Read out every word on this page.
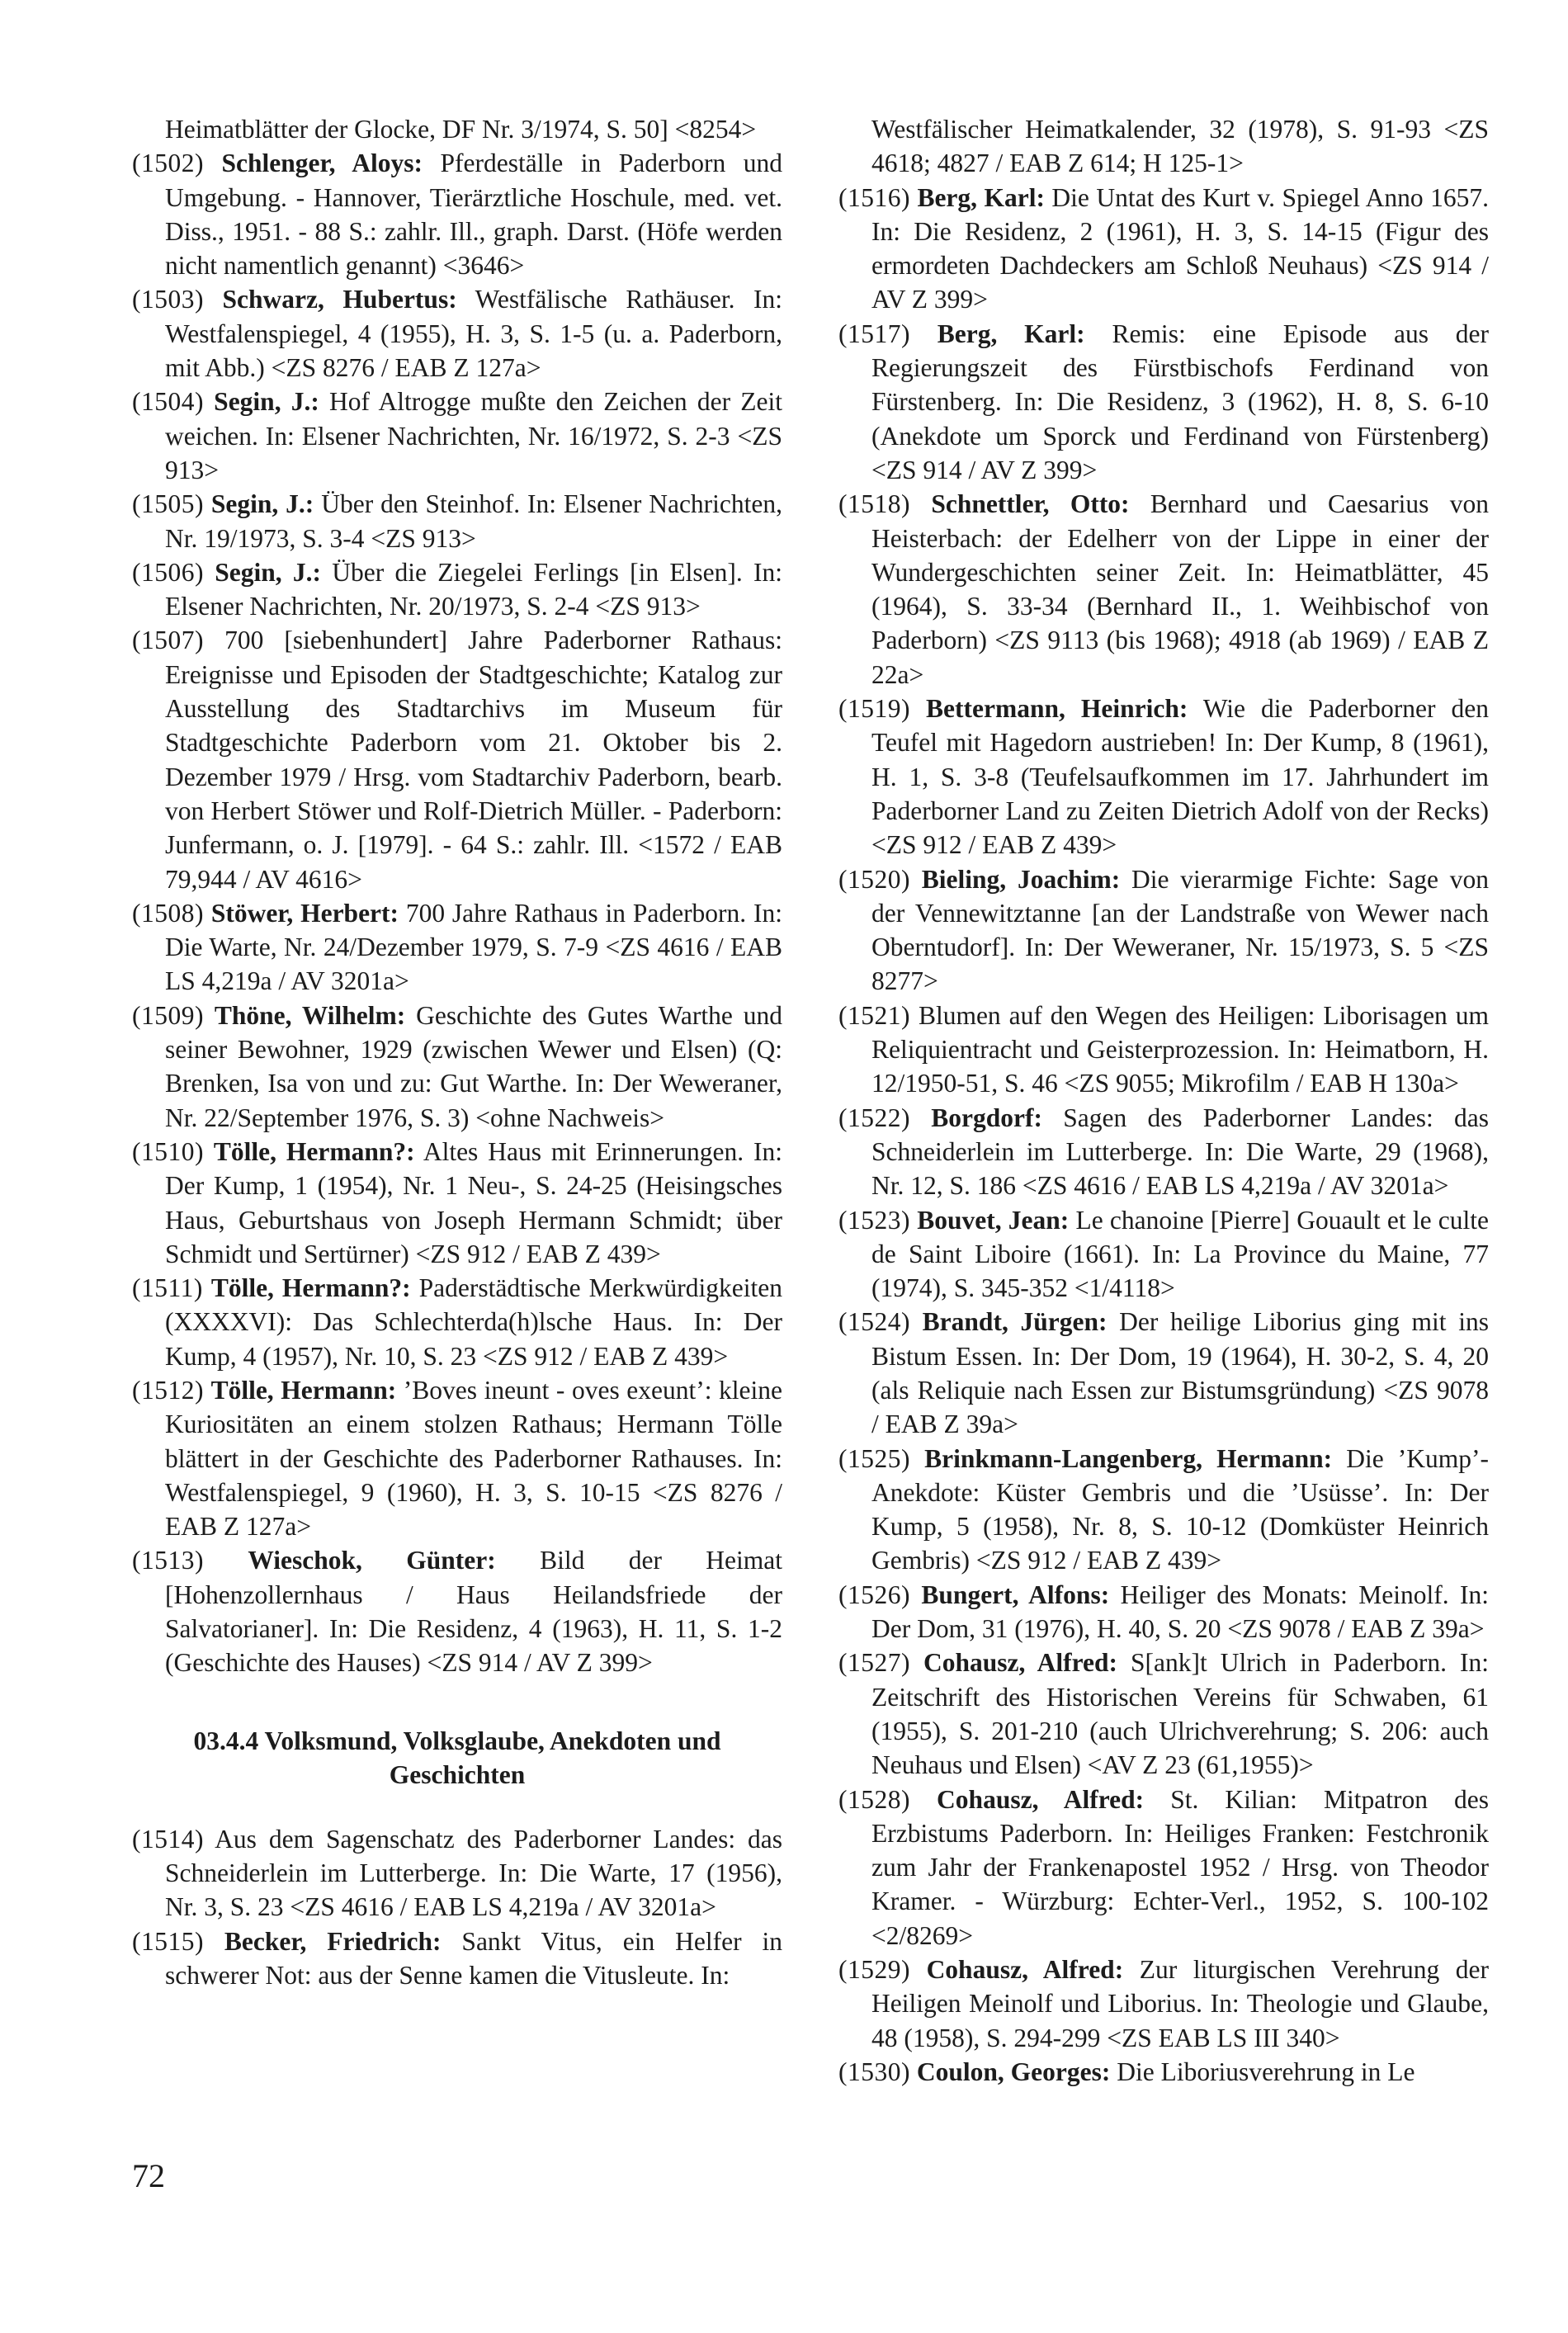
Heimatblätter der Glocke, DF Nr. 3/1974, S. 50] <8254>

(1502) Schlenger, Aloys: Pferdeställe in Paderborn und Umgebung. - Hannover, Tierärztliche Hoschule, med. vet. Diss., 1951. - 88 S.: zahlr. Ill., graph. Darst. (Höfe werden nicht namentlich genannt) <3646>

(1503) Schwarz, Hubertus: Westfälische Rathäuser. In: Westfalenspiegel, 4 (1955), H. 3, S. 1-5 (u. a. Paderborn, mit Abb.) <ZS 8276 / EAB Z 127a>

(1504) Segin, J.: Hof Altrogge mußte den Zeichen der Zeit weichen. In: Elsener Nachrichten, Nr. 16/1972, S. 2-3 <ZS 913>

(1505) Segin, J.: Über den Steinhof. In: Elsener Nachrichten, Nr. 19/1973, S. 3-4 <ZS 913>

(1506) Segin, J.: Über die Ziegelei Ferlings [in Elsen]. In: Elsener Nachrichten, Nr. 20/1973, S. 2-4 <ZS 913>

(1507) 700 [siebenhundert] Jahre Paderborner Rathaus: Ereignisse und Episoden der Stadtgeschichte; Katalog zur Ausstellung des Stadtarchivs im Museum für Stadtgeschichte Paderborn vom 21. Oktober bis 2. Dezember 1979 / Hrsg. vom Stadtarchiv Paderborn, bearb. von Herbert Stöwer und Rolf-Dietrich Müller. - Paderborn: Junfermann, o. J. [1979]. - 64 S.: zahlr. Ill. <1572 / EAB 79,944 / AV 4616>

(1508) Stöwer, Herbert: 700 Jahre Rathaus in Paderborn. In: Die Warte, Nr. 24/Dezember 1979, S. 7-9 <ZS 4616 / EAB LS 4,219a / AV 3201a>

(1509) Thöne, Wilhelm: Geschichte des Gutes Warthe und seiner Bewohner, 1929 (zwischen Wewer und Elsen) (Q: Brenken, Isa von und zu: Gut Warthe. In: Der Weweraner, Nr. 22/September 1976, S. 3) <ohne Nachweis>

(1510) Tölle, Hermann?: Altes Haus mit Erinnerungen. In: Der Kump, 1 (1954), Nr. 1 Neu-, S. 24-25 (Heisingsches Haus, Geburtshaus von Joseph Hermann Schmidt; über Schmidt und Sertürner) <ZS 912 / EAB Z 439>

(1511) Tölle, Hermann?: Paderstädtische Merkwürdigkeiten (XXXXVI): Das Schlechterda(h)lsche Haus. In: Der Kump, 4 (1957), Nr. 10, S. 23 <ZS 912 / EAB Z 439>

(1512) Tölle, Hermann: ’Boves ineunt - oves exeunt’: kleine Kuriositäten an einem stolzen Rathaus; Hermann Tölle blättert in der Geschichte des Paderborner Rathauses. In: Westfalenspiegel, 9 (1960), H. 3, S. 10-15 <ZS 8276 / EAB Z 127a>

(1513) Wieschok, Günter: Bild der Heimat [Hohenzollernhaus / Haus Heilandsfriede der Salvatorianer]. In: Die Residenz, 4 (1963), H. 11, S. 1-2 (Geschichte des Hauses) <ZS 914 / AV Z 399>

03.4.4 Volksmund, Volksglaube, Anekdoten und Geschichten

(1514) Aus dem Sagenschatz des Paderborner Landes: das Schneiderlein im Lutterberge. In: Die Warte, 17 (1956), Nr. 3, S. 23 <ZS 4616 / EAB LS 4,219a / AV 3201a>

(1515) Becker, Friedrich: Sankt Vitus, ein Helfer in schwerer Not: aus der Senne kamen die Vitusleute. In:

Westfälischer Heimatkalender, 32 (1978), S. 91-93 <ZS 4618; 4827 / EAB Z 614; H 125-1>

(1516) Berg, Karl: Die Untat des Kurt v. Spiegel Anno 1657. In: Die Residenz, 2 (1961), H. 3, S. 14-15 (Figur des ermordeten Dachdeckers am Schloß Neuhaus) <ZS 914 / AV Z 399>

(1517) Berg, Karl: Remis: eine Episode aus der Regierungszeit des Fürstbischofs Ferdinand von Fürstenberg. In: Die Residenz, 3 (1962), H. 8, S. 6-10 (Anekdote um Sporck und Ferdinand von Fürstenberg) <ZS 914 / AV Z 399>

(1518) Schnettler, Otto: Bernhard und Caesarius von Heisterbach: der Edelherr von der Lippe in einer der Wundergeschichten seiner Zeit. In: Heimatblätter, 45 (1964), S. 33-34 (Bernhard II., 1. Weihbischof von Paderborn) <ZS 9113 (bis 1968); 4918 (ab 1969) / EAB Z 22a>

(1519) Bettermann, Heinrich: Wie die Paderborner den Teufel mit Hagedorn austrieben! In: Der Kump, 8 (1961), H. 1, S. 3-8 (Teufelsaufkommen im 17. Jahrhundert im Paderborner Land zu Zeiten Dietrich Adolf von der Recks) <ZS 912 / EAB Z 439>

(1520) Bieling, Joachim: Die vierarmige Fichte: Sage von der Vennewitztanne [an der Landstraße von Wewer nach Oberntudorf]. In: Der Weweraner, Nr. 15/1973, S. 5 <ZS 8277>

(1521) Blumen auf den Wegen des Heiligen: Liborisagen um Reliquientracht und Geisterprozession. In: Heimatborn, H. 12/1950-51, S. 46 <ZS 9055; Mikrofilm / EAB H 130a>

(1522) Borgdorf: Sagen des Paderborner Landes: das Schneiderlein im Lutterberge. In: Die Warte, 29 (1968), Nr. 12, S. 186 <ZS 4616 / EAB LS 4,219a / AV 3201a>

(1523) Bouvet, Jean: Le chanoine [Pierre] Gouault et le culte de Saint Liboire (1661). In: La Province du Maine, 77 (1974), S. 345-352 <1/4118>

(1524) Brandt, Jürgen: Der heilige Liborius ging mit ins Bistum Essen. In: Der Dom, 19 (1964), H. 30-2, S. 4, 20 (als Reliquie nach Essen zur Bistumsgründung) <ZS 9078 / EAB Z 39a>

(1525) Brinkmann-Langenberg, Hermann: Die ’Kump’-Anekdote: Küster Gembris und die ’Usüsse’. In: Der Kump, 5 (1958), Nr. 8, S. 10-12 (Domküster Heinrich Gembris) <ZS 912 / EAB Z 439>

(1526) Bungert, Alfons: Heiliger des Monats: Meinolf. In: Der Dom, 31 (1976), H. 40, S. 20 <ZS 9078 / EAB Z 39a>

(1527) Cohausz, Alfred: S[ank]t Ulrich in Paderborn. In: Zeitschrift des Historischen Vereins für Schwaben, 61 (1955), S. 201-210 (auch Ulrichverehrung; S. 206: auch Neuhaus und Elsen) <AV Z 23 (61,1955)>

(1528) Cohausz, Alfred: St. Kilian: Mitpatron des Erzbistums Paderborn. In: Heiliges Franken: Festchronik zum Jahr der Frankenapostel 1952 / Hrsg. von Theodor Kramer. - Würzburg: Echter-Verl., 1952, S. 100-102 <2/8269>

(1529) Cohausz, Alfred: Zur liturgischen Verehrung der Heiligen Meinolf und Liborius. In: Theologie und Glaube, 48 (1958), S. 294-299 <ZS EAB LS III 340>

(1530) Coulon, Georges: Die Liboriusverehrung in Le

72
